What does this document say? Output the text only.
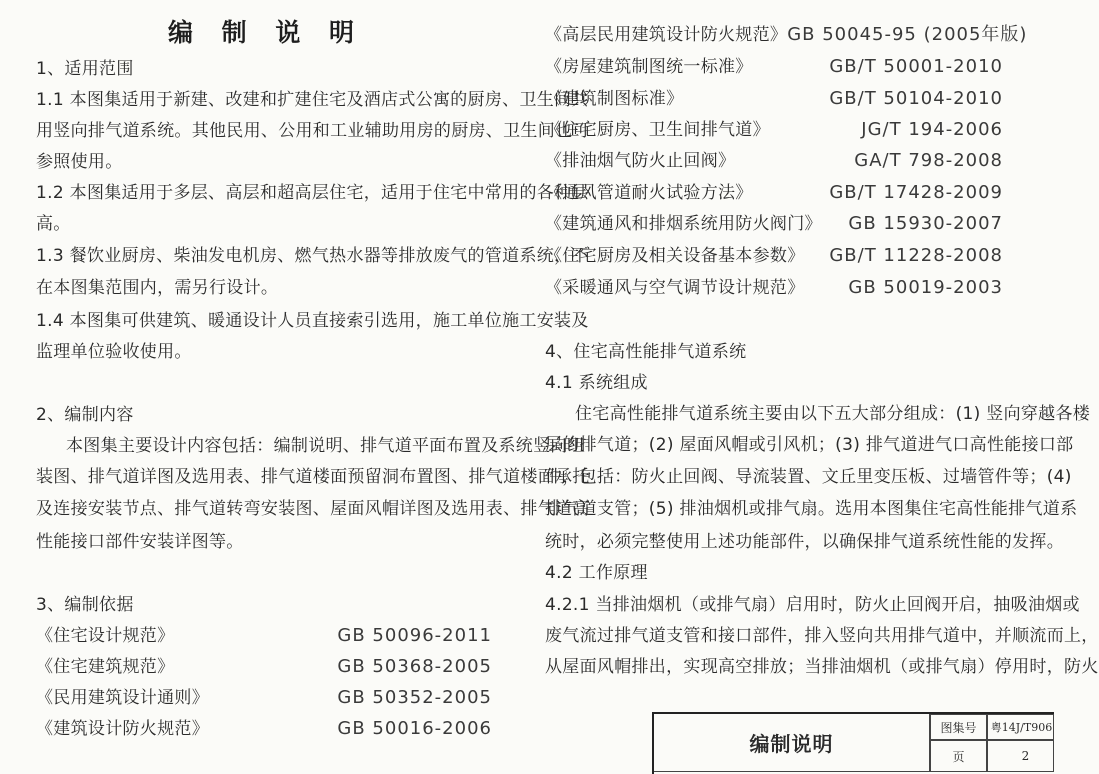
编 制 说 明
1、适用范围
1.1 本图集适用于新建、改建和扩建住宅及酒店式公寓的厨房、卫生间共
用竖向排气道系统。其他民用、公用和工业辅助用房的厨房、卫生间也可
参照使用。
1.2 本图集适用于多层、高层和超高层住宅，适用于住宅中常用的各种层
高。
1.3 餐饮业厨房、柴油发电机房、燃气热水器等排放废气的管道系统，不
在本图集范围内，需另行设计。
1.4 本图集可供建筑、暖通设计人员直接索引选用，施工单位施工安装及
监理单位验收使用。
2、编制内容
本图集主要设计内容包括：编制说明、排气道平面布置及系统竖向组
装图、排气道详图及选用表、排气道楼面预留洞布置图、排气道楼面承托
及连接安装节点、排气道转弯安装图、屋面风帽详图及选用表、排气道高
性能接口部件安装详图等。
3、编制依据
《住宅设计规范》	GB 50096-2011
《住宅建筑规范》	GB 50368-2005
《民用建筑设计通则》	GB 50352-2005
《建筑设计防火规范》	GB 50016-2006
《高层民用建筑设计防火规范》 GB 50045-95 (2005年版)
《房屋建筑制图统一标准》	GB/T 50001-2010
《建筑制图标准》	GB/T 50104-2010
《住宅厨房、卫生间排气道》	JG/T 194-2006
《排油烟气防火止回阀》	GA/T 798-2008
《通风管道耐火试验方法》	GB/T 17428-2009
《建筑通风和排烟系统用防火阀门》 GB 15930-2007
《住宅厨房及相关设备基本参数》 GB/T 11228-2008
《采暖通风与空气调节设计规范》 GB 50019-2003
4、住宅高性能排气道系统
4.1 系统组成
住宅高性能排气道系统主要由以下五大部分组成：(1) 竖向穿越各楼
层的排气道；(2) 屋面风帽或引风机；(3) 排气道进气口高性能接口部
件，包括：防火止回阀、导流装置、文丘里变压板、过墙管件等；(4)
排气道支管；(5) 排油烟机或排气扇。选用本图集住宅高性能排气道系
统时，必须完整使用上述功能部件，以确保排气道系统性能的发挥。
4.2 工作原理
4.2.1 当排油烟机（或排气扇）启用时，防火止回阀开启，抽吸油烟或
废气流过排气道支管和接口部件，排入竖向共用排气道中，并顺流而上，
从屋面风帽排出，实现高空排放；当排油烟机（或排气扇）停用时，防火
编制说明
图集号	粤14J/T906
页	2
